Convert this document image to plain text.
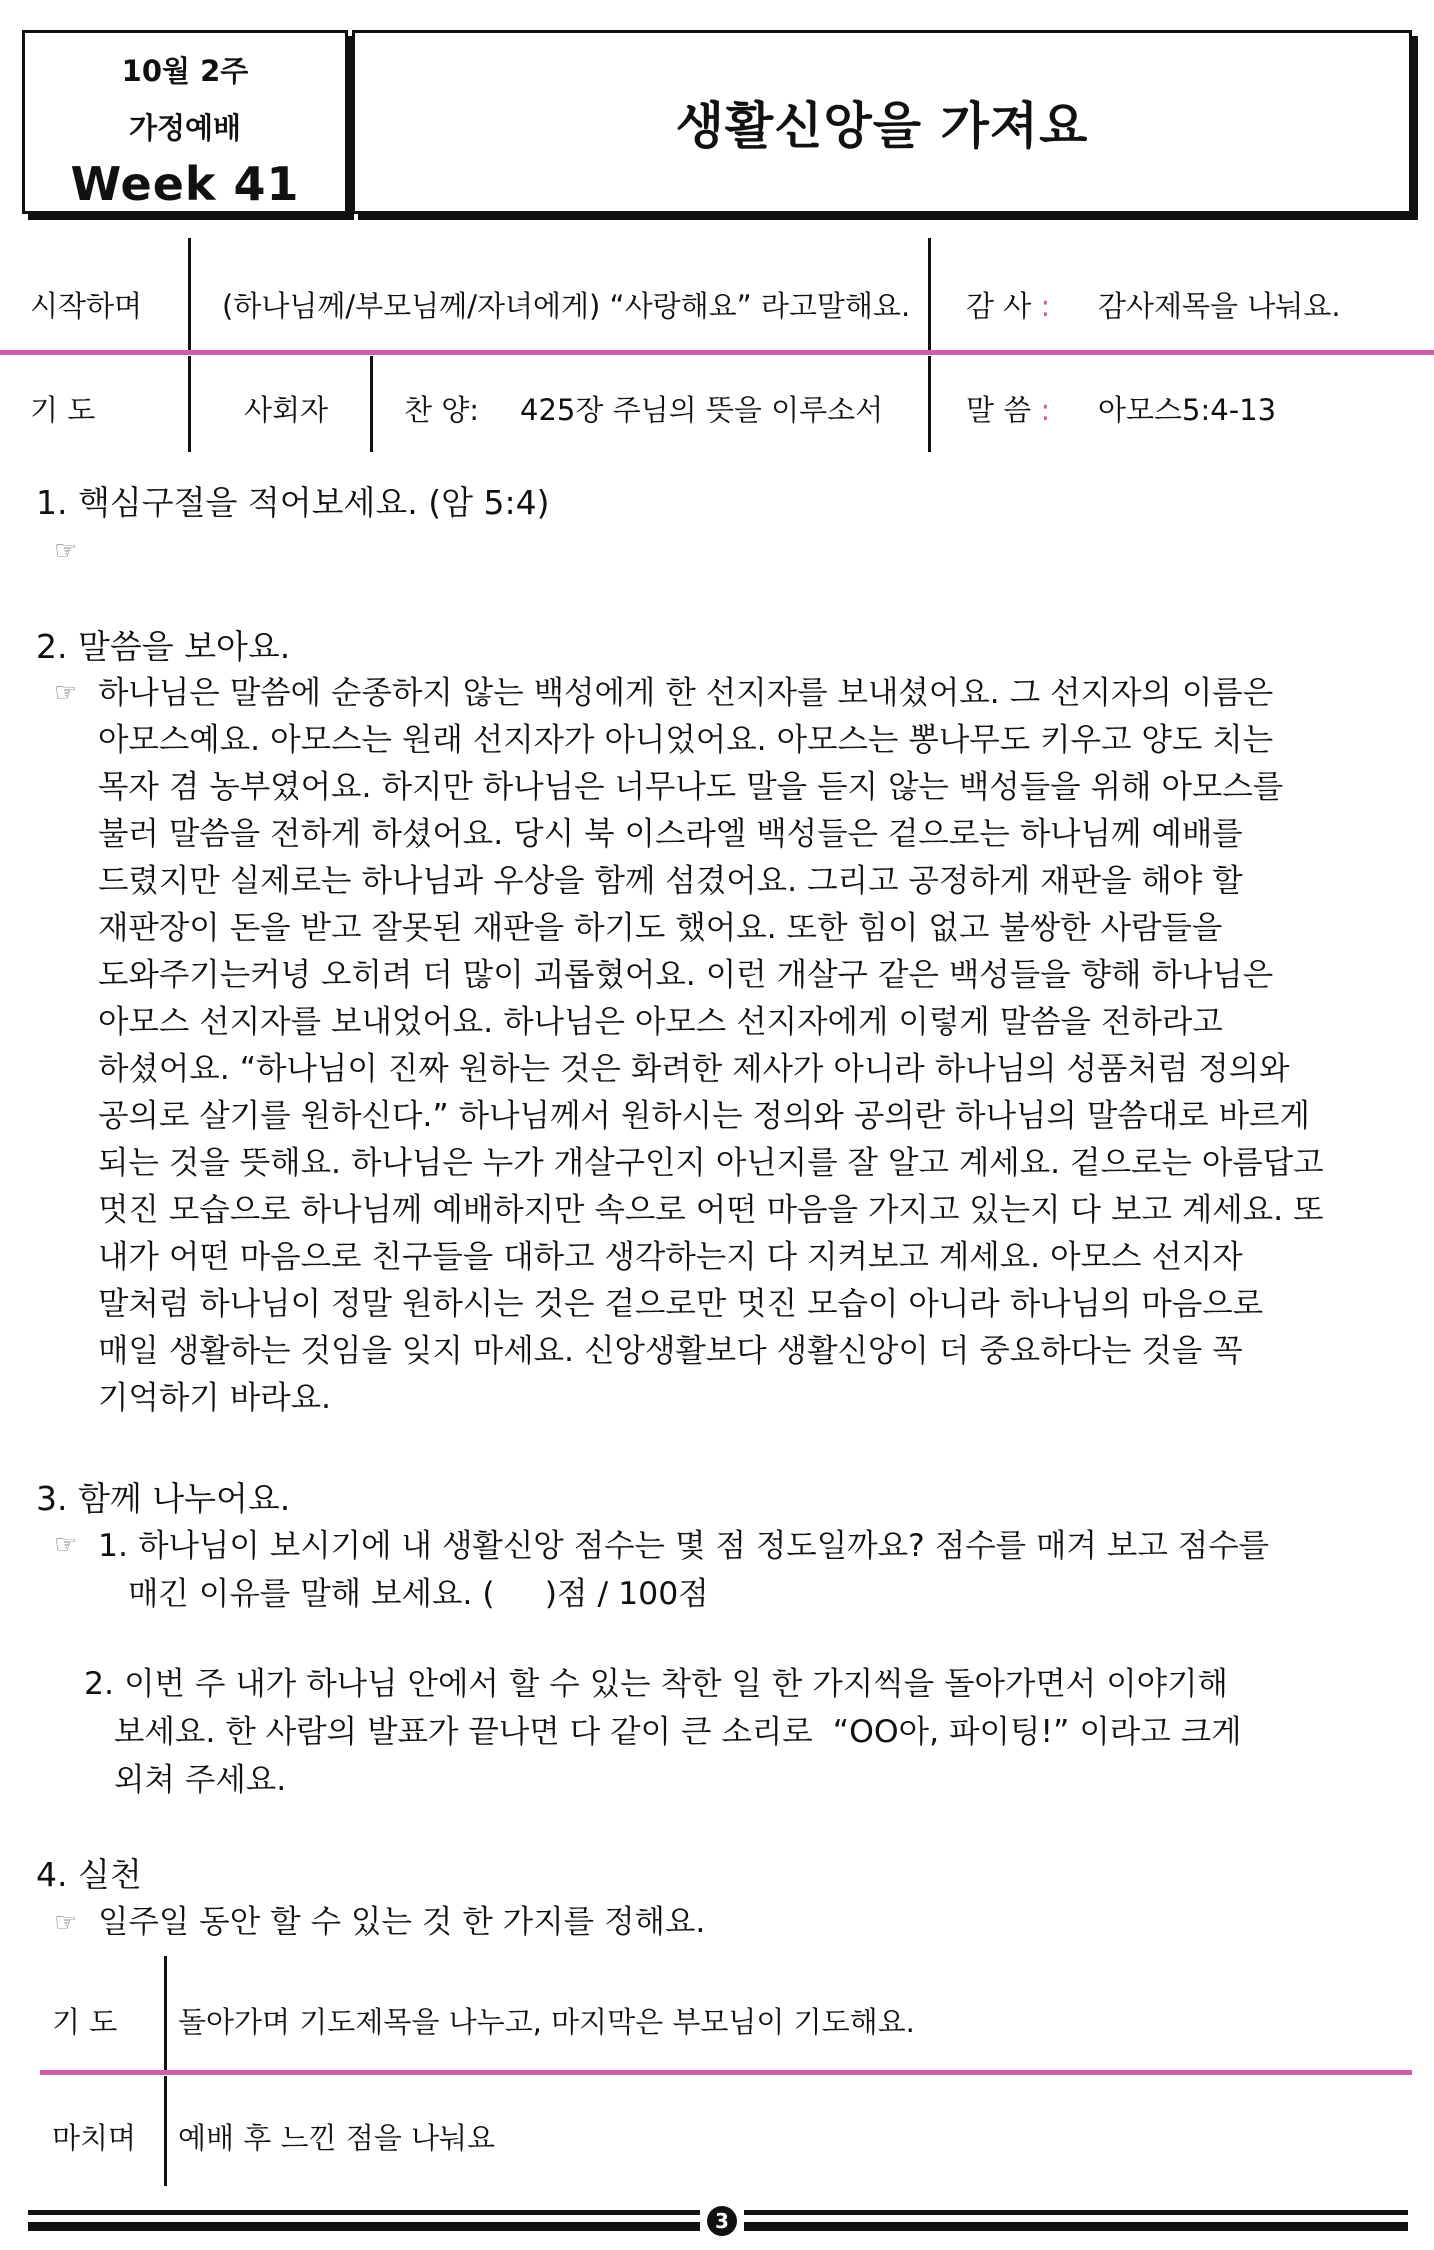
10월 2주
가정예배
Week 41
생활신앙을 가져요
시작하며	(하나님께/부모님께/자녀에게) “사랑해요” 라고말해요. 감 사 : 감사제목을 나눠요.
기 도	사회자	찬 양: 425장 주님의 뜻을 이루소서	말 씀 : 아모스5:4-13
1. 핵심구절을 적어보세요. (암 5:4)
☞
2. 말씀을 보아요.
☞ 하나님은 말씀에 순종하지 않는 백성에게 한 선지자를 보내셨어요. 그 선지자의 이름은
아모스예요. 아모스는 원래 선지자가 아니었어요. 아모스는 뽕나무도 키우고 양도 치는
목자 겸 농부였어요. 하지만 하나님은 너무나도 말을 듣지 않는 백성들을 위해 아모스를
불러 말씀을 전하게 하셨어요. 당시 북 이스라엘 백성들은 겉으로는 하나님께 예배를
드렸지만 실제로는 하나님과 우상을 함께 섬겼어요. 그리고 공정하게 재판을 해야 할
재판장이 돈을 받고 잘못된 재판을 하기도 했어요. 또한 힘이 없고 불쌍한 사람들을
도와주기는커녕 오히려 더 많이 괴롭혔어요. 이런 개살구 같은 백성들을 향해 하나님은
아모스 선지자를 보내었어요. 하나님은 아모스 선지자에게 이렇게 말씀을 전하라고
하셨어요. “하나님이 진짜 원하는 것은 화려한 제사가 아니라 하나님의 성품처럼 정의와
공의로 살기를 원하신다.” 하나님께서 원하시는 정의와 공의란 하나님의 말씀대로 바르게
되는 것을 뜻해요. 하나님은 누가 개살구인지 아닌지를 잘 알고 계세요. 겉으로는 아름답고
멋진 모습으로 하나님께 예배하지만 속으로 어떤 마음을 가지고 있는지 다 보고 계세요. 또
내가 어떤 마음으로 친구들을 대하고 생각하는지 다 지켜보고 계세요. 아모스 선지자
말처럼 하나님이 정말 원하시는 것은 겉으로만 멋진 모습이 아니라 하나님의 마음으로
매일 생활하는 것임을 잊지 마세요. 신앙생활보다 생활신앙이 더 중요하다는 것을 꼭
기억하기 바라요.
3. 함께 나누어요.
☞ 1. 하나님이 보시기에 내 생활신앙 점수는 몇 점 정도일까요? 점수를 매겨 보고 점수를
매긴 이유를 말해 보세요. (     )점 / 100점
2. 이번 주 내가 하나님 안에서 할 수 있는 착한 일 한 가지씩을 돌아가면서 이야기해
보세요. 한 사람의 발표가 끝나면 다 같이 큰 소리로  “OO아, 파이팅!” 이라고 크게
외쳐 주세요.
4. 실천
☞ 일주일 동안 할 수 있는 것 한 가지를 정해요.
기 도 돌아가며 기도제목을 나누고, 마지막은 부모님이 기도해요.
마치며 예배 후 느낀 점을 나눠요
3
